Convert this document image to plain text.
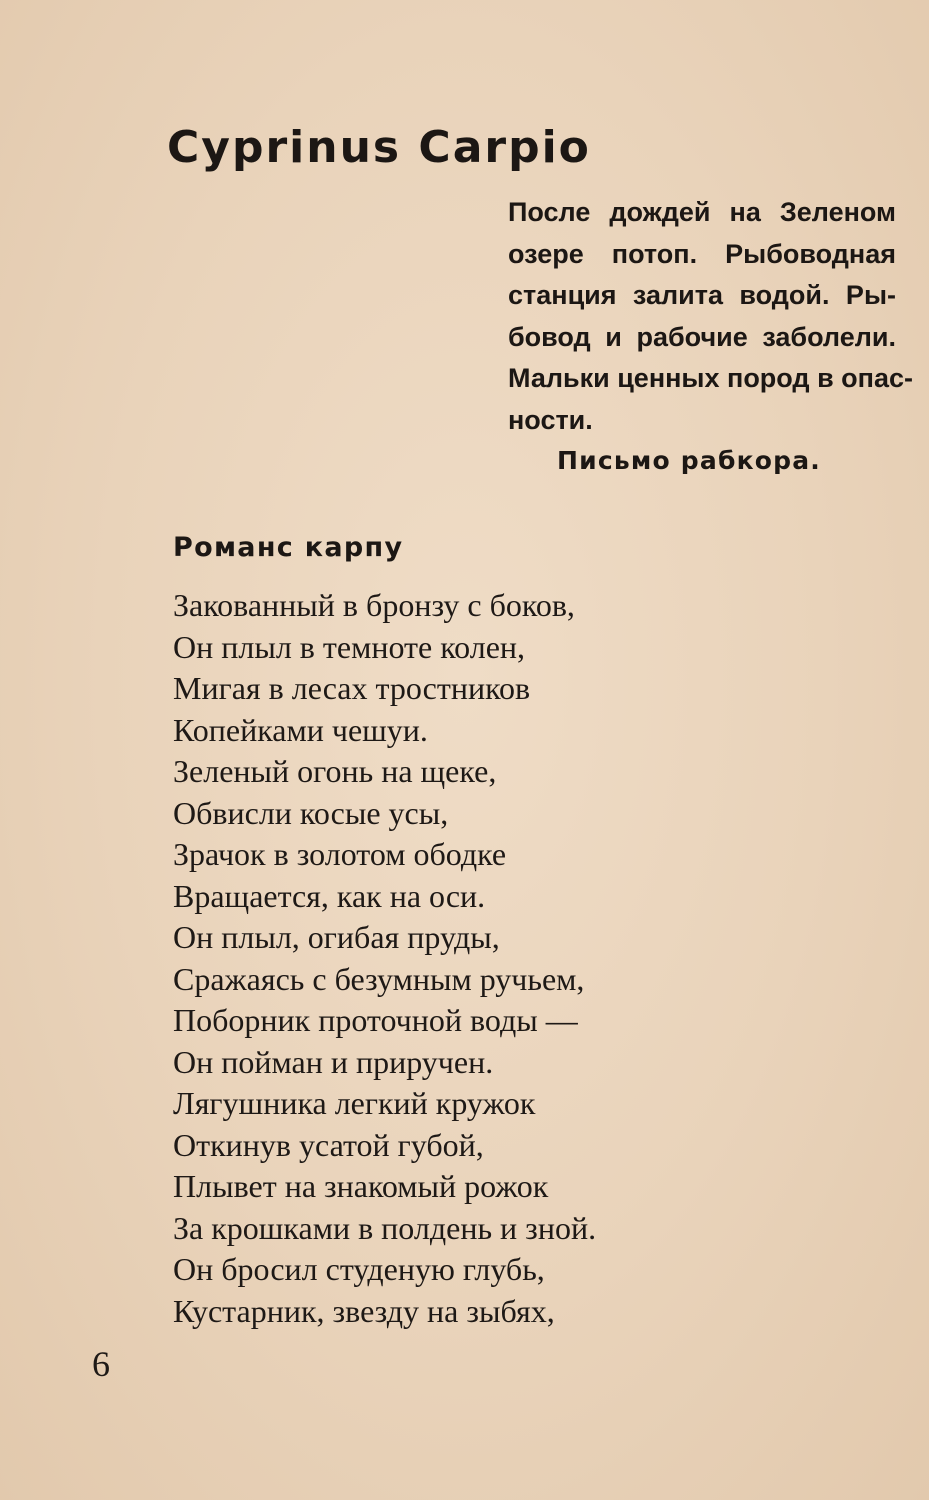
Cyprinus Carpio
После дождей на Зеленом
озере потоп. Рыбоводная
станция залита водой. Ры-
бовод и рабочие заболели.
Мальки ценных пород в опас-
ности.

Письмо рабкора.

Романс карпу
Закованный в бронзу с боков,
Он плыл в темноте колен,
Мигая в лесах тростников
Копейками чешуи.
Зеленый огонь на щеке,
Обвисли косые усы,
Зрачок в золотом ободке
Вращается, как на оси.
Он плыл, огибая пруды,
Сражаясь с безумным ручьем,
Поборник проточной воды —
Он пойман и приручен.
Лягушника легкий кружок
Откинув усатой губой,
Плывет на знакомый рожок
За крошками в полдень и зной.
Он бросил студеную глубь,
Кустарник, звезду на зыбях,

6
